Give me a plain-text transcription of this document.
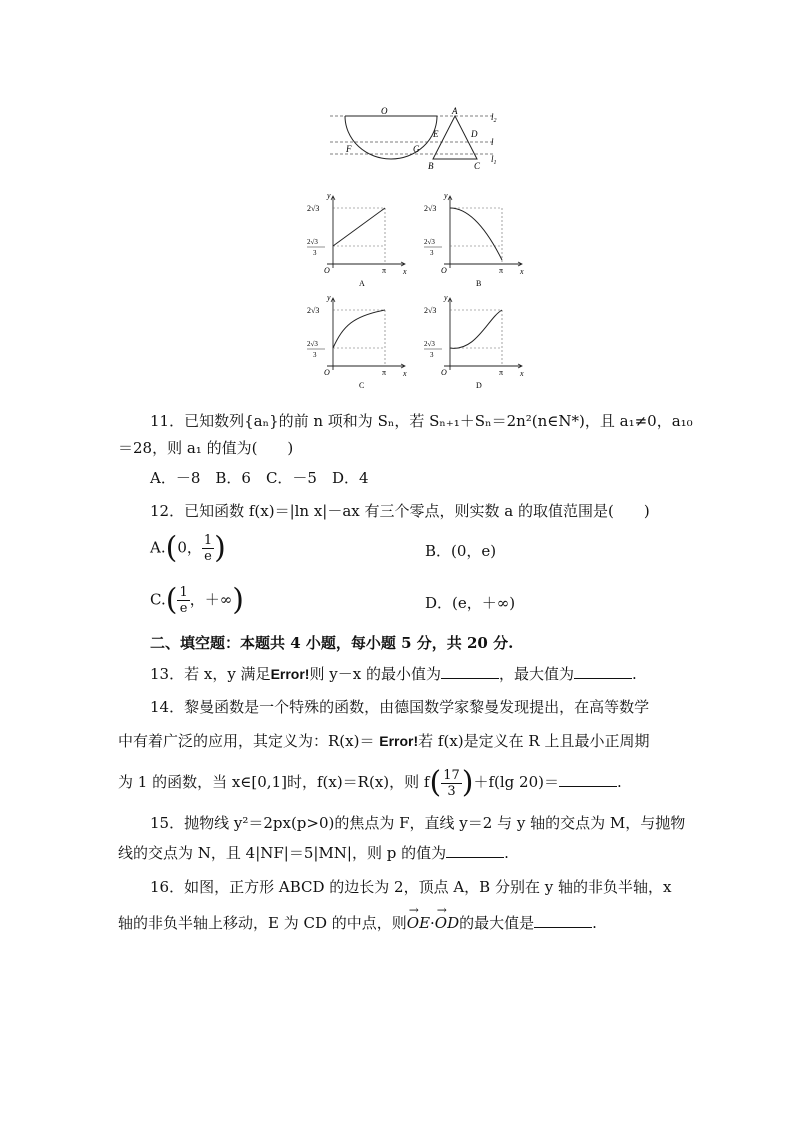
O	A
E	D
F	G
B	C
$l_2$
l
$l_1$
y
x
O	π
2√3
2√3
3
A
y
x
O	π
2√3
2√3
3
B
y
x
O	π
2√3
2√3
3
C
y
x
O	π
2√3
2√3
3
D
11．已知数列{aₙ}的前 n 项和为 Sₙ，若 Sₙ₊₁＋Sₙ＝2n²(n∈N*)，且 a₁≠0，a₁₀
＝28，则 a₁ 的值为(　　)
A．－8　B．6　C．－5　D．4
12．已知函数 f(x)＝|ln x|－ax 有三个零点，则实数 a 的取值范围是(　　)
A.(0， $\frac{1}{e}$ )	B．(0，e)
$C.( \frac{1}{e}$ ，＋∞)	D．(e，＋∞)
二、填空题：本题共 4 小题，每小题 5 分，共 20 分.
13．若 x，y 满足Error!则 y－x 的最小值为	，最大值为	.
14．黎曼函数是一个特殊的函数，由德国数学家黎曼发现提出，在高等数学
中有着广泛的应用，其定义为：R(x)＝ Error!若 f(x)是定义在 R 上且最小正周期
为 1 的函数，当 x∈[0,1]时，f(x)＝R(x)，则 $f( \frac{17}{3} )+f(\lg$ 20)＝	.
15．抛物线 y²＝2px(p>0)的焦点为 F，直线 y＝2 与 y 轴的交点为 M，与抛物
线的交点为 N，且 4|NF|＝5|MN|，则 p 的值为	.
16．如图，正方形 ABCD 的边长为 2，顶点 A，B 分别在 y 轴的非负半轴，x
轴的非负半轴上移动，E 为 CD 的中点，则→ OE·→ OD的最大值是	.
